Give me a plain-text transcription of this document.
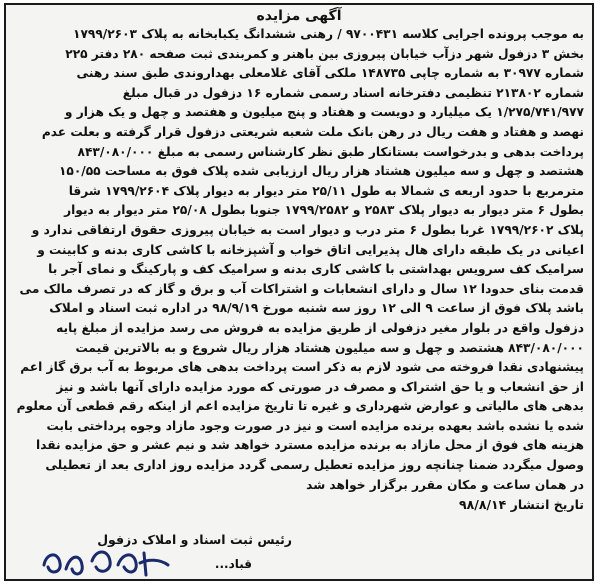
آگهی مزایده
به موجب پرونده اجرایی کلاسه ۹۷۰۰۴۳۱ / رهنی ششدانگ یکبابخانه به پلاک ۱۷۹۹/۲۶۰۳
بخش ۳ دزفول شهر دزآب خیابان پیروزی بین باهنر و کمربندی ثبت صفحه ۲۸۰ دفتر ۲۲۵
شماره ۳۰۹۷۷ به شماره چاپی ۱۴۸۷۳۵ ملکی آقای غلامعلی بهداروندی طبق سند رهنی
شماره ۲۱۳۸۰۲ تنظیمی دفترخانه اسناد رسمی شماره ۱۶ دزفول در قبال مبلغ
۱/۲۷۵/۷۴۱/۹۷۷ یک میلیارد و دویست و هفتاد و پنج میلیون و هفتصد و چهل و یک هزار و
نهصد و هفتاد و هفت ریال در رهن بانک ملت شعبه شریعتی دزفول قرار گرفته و بعلت عدم
پرداخت بدهی و بدرخواست بستانکار طبق نظر کارشناس رسمی به مبلغ ۸۴۳/۰۸۰/۰۰۰
هشتصد و چهل و سه میلیون هشتاد هزار ریال ارزیابی شده پلاک فوق به مساحت ۱۵۰/۵۵
مترمربع با حدود اربعه ی شمالا به طول ۲۵/۱۱ متر دیوار به دیوار پلاک ۱۷۹۹/۲۶۰۴ شرقا
بطول ۶ متر دیوار به دیوار پلاک ۲۵۸۳ و ۱۷۹۹/۲۵۸۲ جنوبا بطول ۲۵/۰۸ متر دیوار به دیوار
پلاک ۱۷۹۹/۲۶۰۲ غربا بطول ۶ متر درب و دیوار است به خیابان پیروزی حقوق ارتفاقی ندارد و
اعیانی در یک طبقه دارای هال پذیرایی اتاق خواب و آشپزخانه با کاشی کاری بدنه و کابینت و
سرامیک کف سرویس بهداشتی با کاشی کاری بدنه و سرامیک کف و پارکینگ و نمای آجر با
قدمت بنای حدودا ۱۲ سال و دارای انشعابات و اشتراکات آب و برق و گاز که در تصرف مالک می
باشد پلاک فوق از ساعت ۹ الی ۱۲ روز سه شنبه مورخ ۹۸/۹/۱۹ در اداره ثبت اسناد و املاک
دزفول واقع در بلوار مغیر دزفولی از طریق مزایده به فروش می رسد مزایده از مبلغ پایه
۸۴۳/۰۸۰/۰۰۰ هشتصد و چهل و سه میلیون هشتاد هزار ریال شروع و به بالاترین قیمت
پیشنهادی نقدا فروخته می شود لازم به ذکر است پرداخت بدهی های مربوط به آب برق گاز اعم
از حق انشعاب و یا حق اشتراک و مصرف در صورتی که مورد مزایده دارای آنها باشد و نیز
بدهی های مالیاتی و عوارض شهرداری و غیره تا تاریخ مزایده اعم از اینکه رقم قطعی آن معلوم
شده یا نشده باشد بعهده برنده مزایده است و نیز در صورت وجود مازاد وجوه پرداختی بابت
هزینه های فوق از محل مازاد به برنده مزایده مسترد خواهد شد و نیم عشر و حق مزایده نقدا
وصول میگردد ضمنا چنانچه روز مزایده تعطیل رسمی گردد مزایده روز اداری بعد از تعطیلی
در همان ساعت و مکان مقرر برگزار خواهد شد
تاریخ انتشار ۹۸/۸/۱۴
رئیس ثبت اسناد و املاک دزفول
قباد...
